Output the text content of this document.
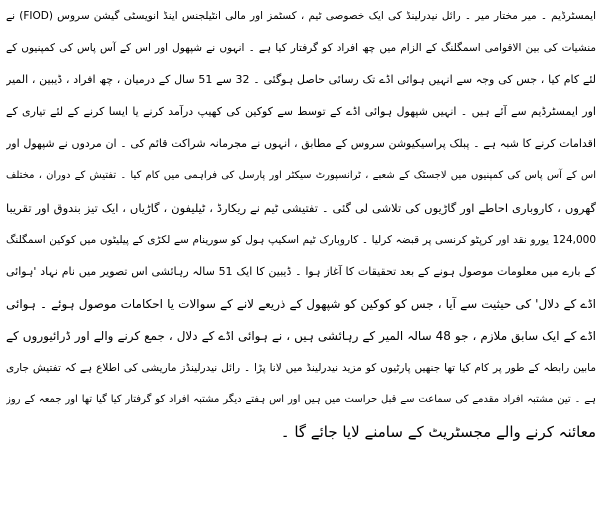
ایمسٹرڈیم ۔ میر مختار میر ۔ رائل نیدرلینڈ کی ایک خصوصی ٹیم ، کسٹمز اور مالی انٹیلجنس اینڈ انویسٹی گیشن سروس (FIOD) نے
منشیات کی بین الاقوامی اسمگلنگ کے الزام میں چھ افراد کو گرفتار کیا ہے ۔ انہوں نے شپھول اور اس کے آس پاس کی کمپنیوں کے
لئے کام کیا ، جس کی وجہ سے انہیں ہوائی اڈے تک رسائی حاصل ہوگئی ۔ 32 سے 51 سال کے درمیان ، چھ افراد ، ڈیبین ، المیر
اور ایمسٹرڈیم سے آئے ہیں ۔ انہیں شپھول ہوائی اڈے کے توسط سے کوکین کی کھیپ درآمد کرنے یا ایسا کرنے کے لئے تیاری کے
اقدامات کرنے کا شبہ ہے ۔ پبلک پراسیکیوشن سروس کے مطابق ، انہوں نے مجرمانہ شراکت قائم کی ۔ ان مردوں نے شپھول اور
اس کے آس پاس کی کمپنیوں میں لاجسٹک کے شعبے ، ٹرانسپورٹ سیکٹر اور پارسل کی فراہمی میں کام کیا ۔ تفتیش کے دوران ، مختلف
گھروں ، کاروباری احاطے اور گاڑیوں کی تلاشی لی گئی ۔ تفتیشی ٹیم نے ریکارڈ ، ٹیلیفون ، گاڑیاں ، ایک تیز بندوق اور تقریبا
124,000 یورو نقد اور کرپٹو کرنسی پر قبضہ کرلیا ۔ کاروبارک ٹیم اسکیپ ہول کو سورینام سے لکڑی کے پیلیٹوں میں کوکین اسمگلنگ
کے بارے میں معلومات موصول ہونے کے بعد تحقیقات کا آغاز ہوا ۔ ڈیبین کا ایک 51 سالہ رہائشی اس تصویر میں نام نہاد 'ہوائی
اڈے کے دلال' کی حیثیت سے آیا ، جس کو کوکین کو شپھول کے ذریعے لانے کے سوالات یا احکامات موصول ہوئے ۔ ہوائی
اڈے کے ایک سابق ملازم ، جو 48 سالہ المیر کے رہائشی ہیں ، نے ہوائی اڈے کے دلال ، جمع کرنے والے اور ڈرائیوروں کے
مابین رابطہ کے طور پر کام کیا تھا جنھیں پارٹیوں کو مزید نیدرلینڈ میں لانا پڑا ۔ رائل نیدرلینڈز ماریشی کی اطلاع ہے کہ تفتیش جاری
ہے ۔ تین مشتبہ افراد مقدمے کی سماعت سے قبل حراست میں ہیں اور اس ہفتے دیگر مشتبہ افراد کو گرفتار کیا گیا تھا اور جمعہ کے روز
معائنہ کرنے والے مجسٹریٹ کے سامنے لایا جائے گا ۔
